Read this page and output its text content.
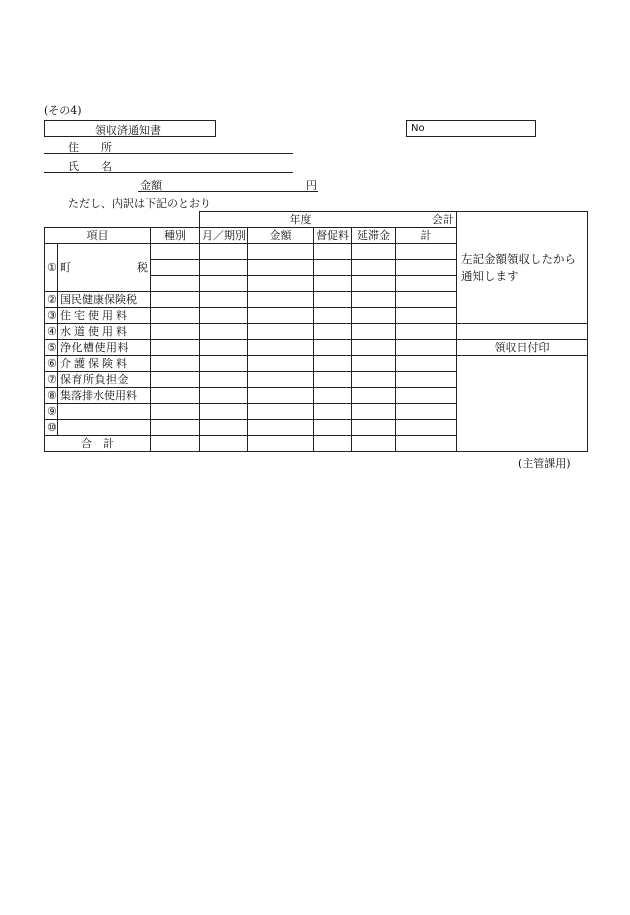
(その4)
領収済通知書	No
住　　所
氏　　名
金額	円
ただし、内訳は下記のとおり
			年度		会計			左記金額領収したから通知します	
項目		種別	月／期別	金額	督促料	延滞金	計		
①	町 税								

②	国民健康保険税								
③	住宅使用料							

④	水道使用料								
⑤	浄化槽使用料							領収日付印	
⑥	介護保険料								
⑦	保育所負担金								
⑧	集落排水使用料								
⑨									
⑩									
合　計									
(主管課用)
